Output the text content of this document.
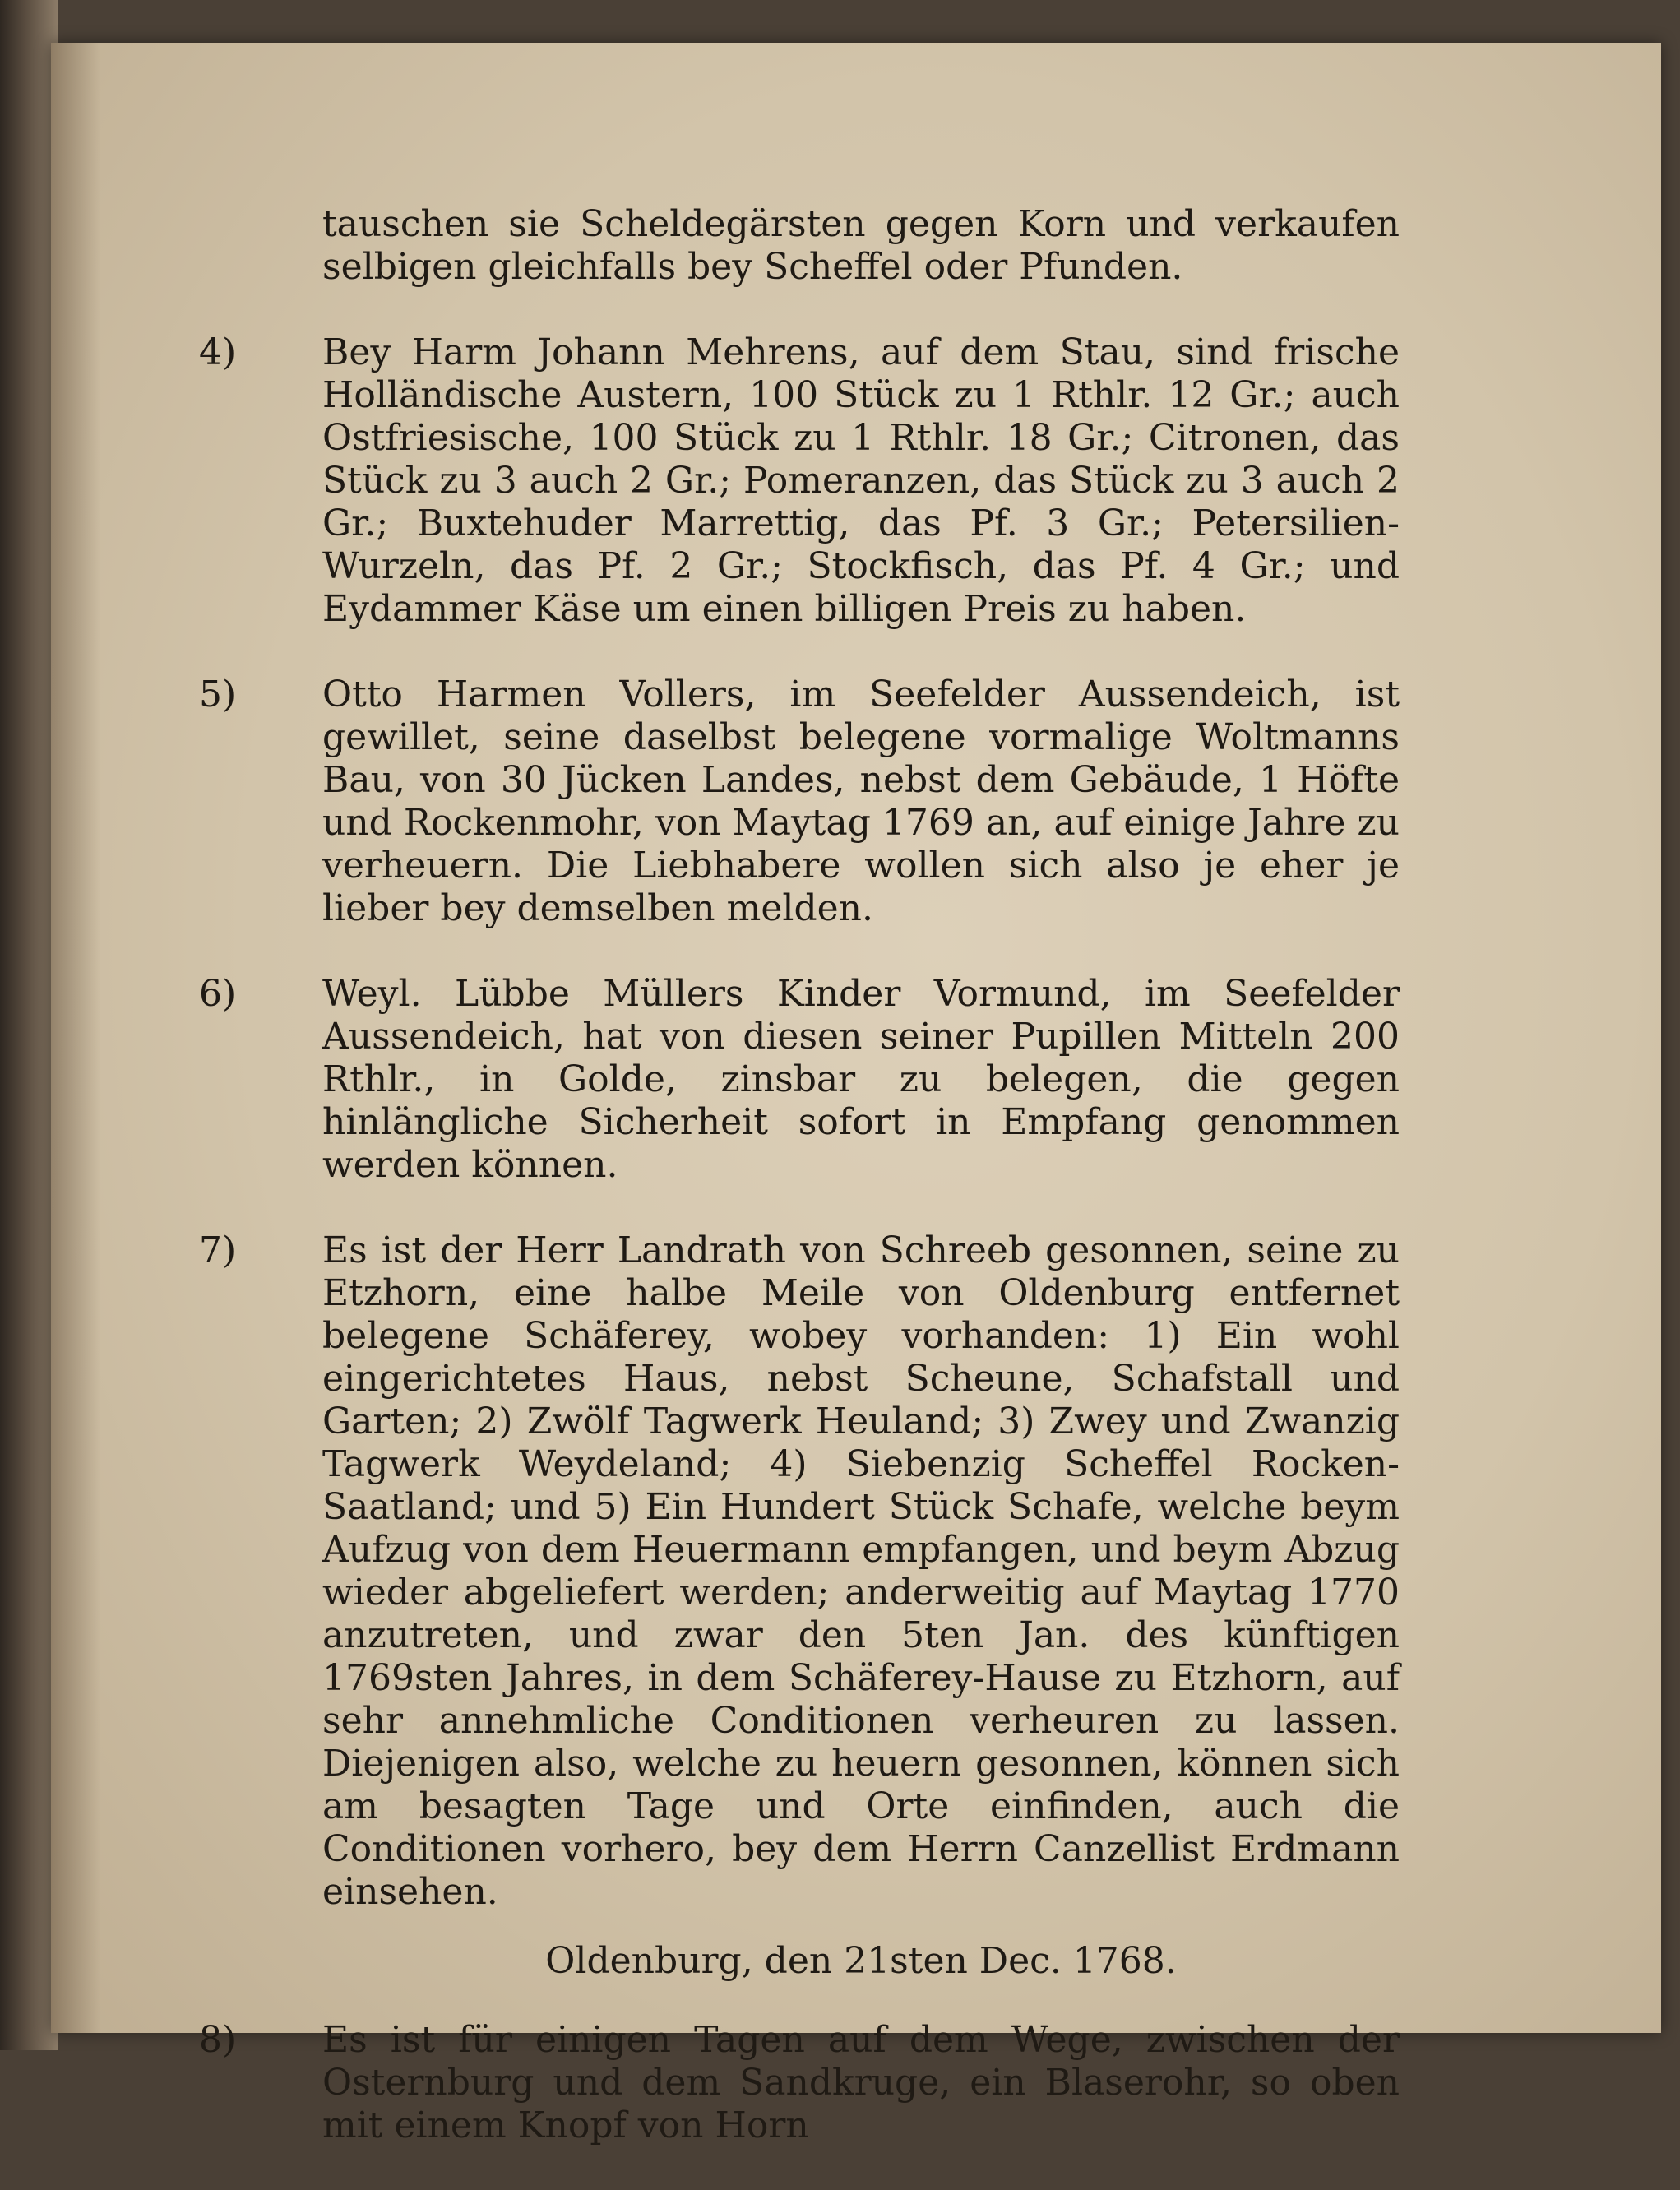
tauschen sie Scheldegärsten gegen Korn und verkaufen selbigen gleichfalls bey Scheffel oder Pfunden.

4)	Bey Harm Johann Mehrens, auf dem Stau, sind frische Holländische Austern, 100 Stück zu 1 Rthlr. 12 Gr.; auch Ostfriesische, 100 Stück zu 1 Rthlr. 18 Gr.; Citronen, das Stück zu 3 auch 2 Gr.; Pomeranzen, das Stück zu 3 auch 2 Gr.; Buxtehuder Marrettig, das Pf. 3 Gr.; Petersilien-Wurzeln, das Pf. 2 Gr.; Stockfisch, das Pf. 4 Gr.; und Eydammer Käse um einen billigen Preis zu haben.

5)	Otto Harmen Vollers, im Seefelder Aussendeich, ist gewillet, seine daselbst belegene vormalige Woltmanns Bau, von 30 Jücken Landes, nebst dem Gebäude, 1 Höfte und Rockenmohr, von Maytag 1769 an, auf einige Jahre zu verheuern. Die Liebhabere wollen sich also je eher je lieber bey demselben melden.

6)	Weyl. Lübbe Müllers Kinder Vormund, im Seefelder Aussendeich, hat von diesen seiner Pupillen Mitteln 200 Rthlr., in Golde, zinsbar zu belegen, die gegen hinlängliche Sicherheit sofort in Empfang genommen werden können.

7)	Es ist der Herr Landrath von Schreeb gesonnen, seine zu Etzhorn, eine halbe Meile von Oldenburg entfernet belegene Schäferey, wobey vorhanden: 1) Ein wohl eingerichtetes Haus, nebst Scheune, Schafstall und Garten; 2) Zwölf Tagwerk Heuland; 3) Zwey und Zwanzig Tagwerk Weydeland; 4) Siebenzig Scheffel Rocken-Saatland; und 5) Ein Hundert Stück Schafe, welche beym Aufzug von dem Heuermann empfangen, und beym Abzug wieder abgeliefert werden; anderweitig auf Maytag 1770 anzutreten, und zwar den 5ten Jan. des künftigen 1769sten Jahres, in dem Schäferey-Hause zu Etzhorn, auf sehr annehmliche Conditionen verheuren zu lassen. Diejenigen also, welche zu heuern gesonnen, können sich am besagten Tage und Orte einfinden, auch die Conditionen vorhero, bey dem Herrn Canzellist Erdmann einsehen.

Oldenburg, den 21sten Dec. 1768.

8)	Es ist für einigen Tagen auf dem Wege, zwischen der Osternburg und dem Sandkruge, ein Blaserohr, so oben mit einem Knopf von Horn
